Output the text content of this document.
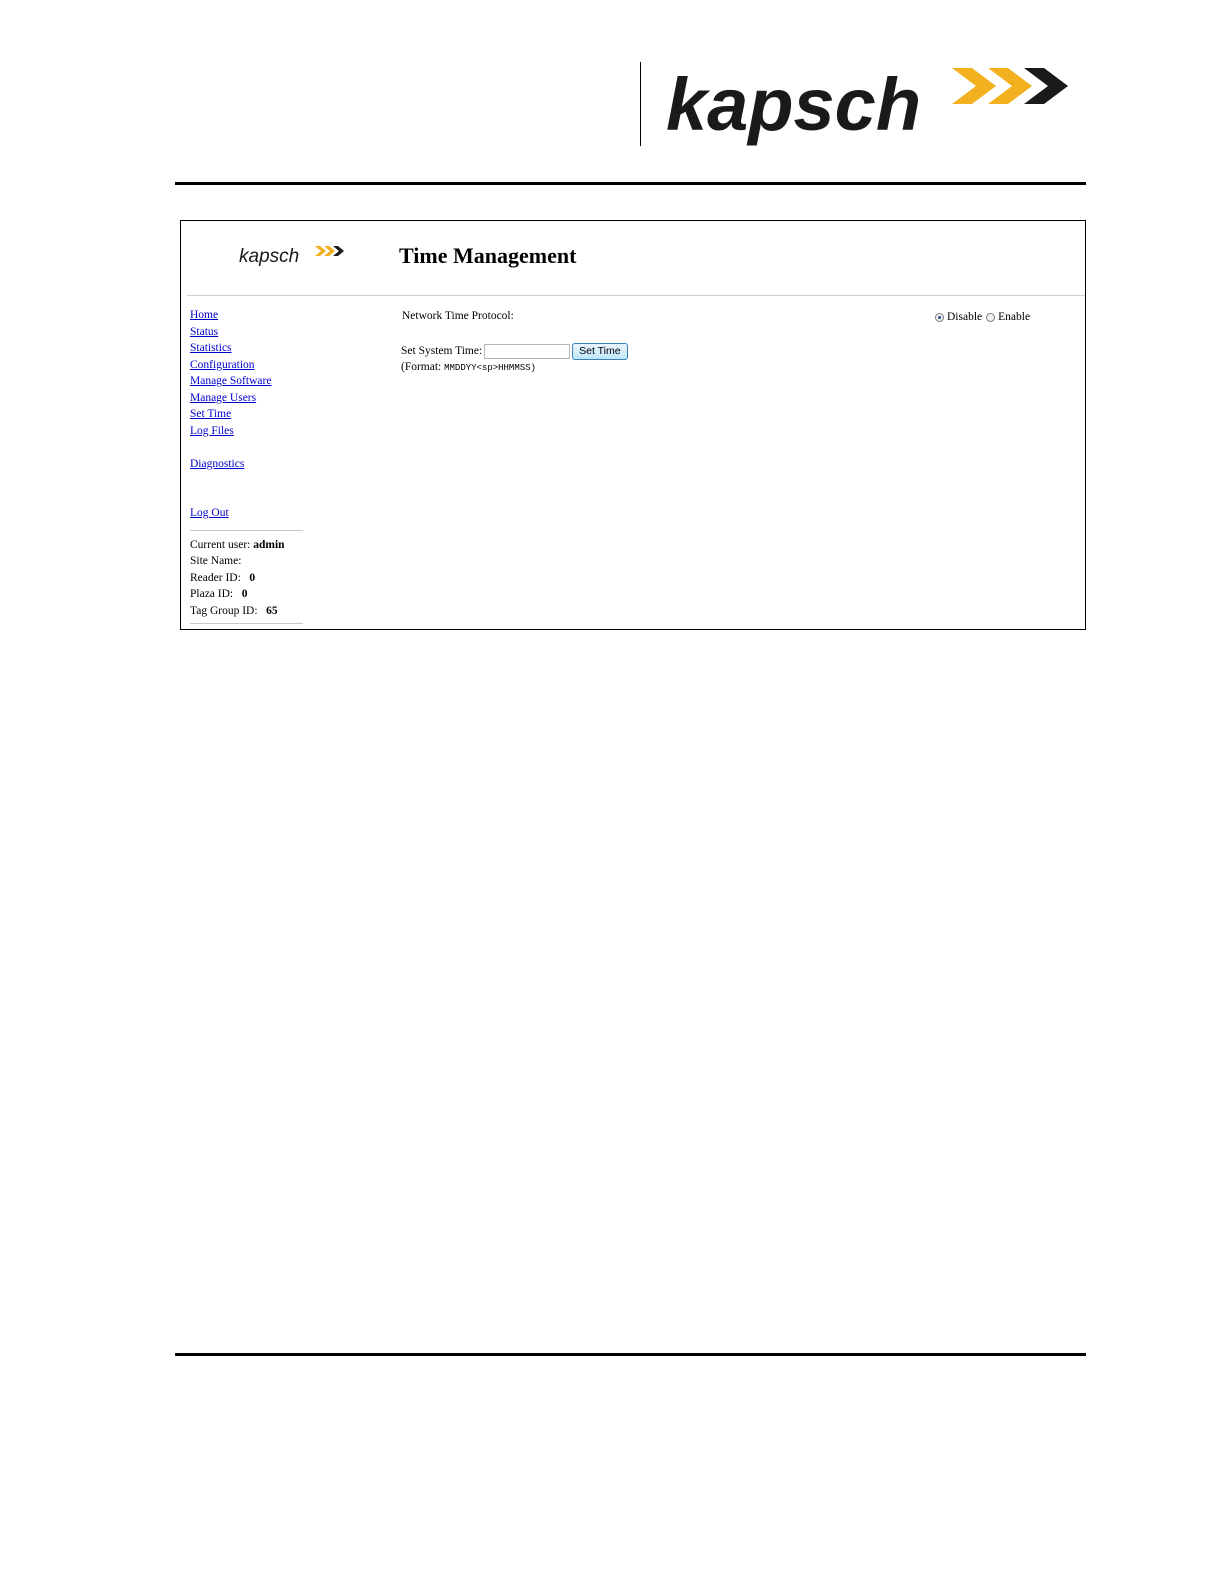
kapsch
kapsch	Time Management
Home
Status
Statistics
Configuration
Manage Software
Manage Users
Set Time
Log Files
Diagnostics
Log Out
Current user: admin
Site Name:
Reader ID: 0
Plaza ID: 0
Tag Group ID: 65
Network Time Protocol:	Disable Enable
Set System Time:	Set Time
(Format: MMDDYY<sp>HHMMSS)
